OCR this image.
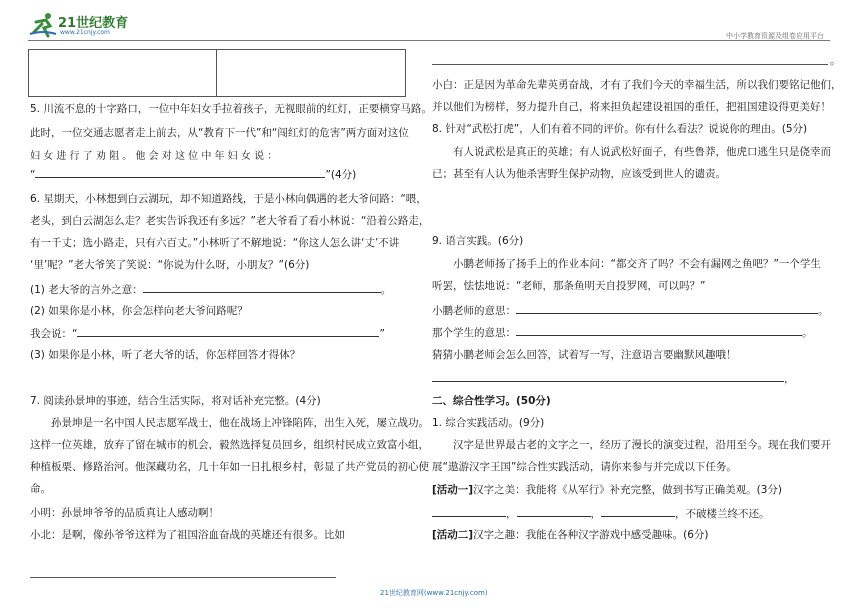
21世纪教育
www.21cnjy.com	中小学教育资源及组卷应用平台
5. 川流不息的十字路口，一位中年妇女手拉着孩子，无视眼前的红灯，正要横穿马路。
此时，一位交通志愿者走上前去，从“教育下一代”和“闯红灯的危害”两方面对这位
妇 女 进 行 了 劝 阻 。 他 会 对 这 位 中 年 妇 女 说 ：
“	”(4分)
6. 星期天，小林想到白云湖玩，却不知道路线，于是小林向偶遇的老大爷问路：“喂，
老头，到白云湖怎么走？老实告诉我还有多远？”老大爷看了看小林说：“沿着公路走，
有一千丈；选小路走，只有六百丈。”小林听了不解地说：“你这人怎么讲‘丈’不讲
‘里’呢？”老大爷笑了笑说：“你说为什么呀，小朋友？”(6分)
(1) 老大爷的言外之意：	。
(2) 如果你是小林，你会怎样向老大爷问路呢？
我会说：“	”
(3) 如果你是小林，听了老大爷的话，你怎样回答才得体？
7. 阅读孙景坤的事迹，结合生活实际，将对话补充完整。(4分)
孙景坤是一名中国人民志愿军战士，他在战场上冲锋陷阵，出生入死，屡立战功。
这样一位英雄，放弃了留在城市的机会，毅然选择复员回乡，组织村民成立致富小组，
种植板栗、修路治河。他深藏功名，几十年如一日扎根乡村，彰显了共产党员的初心使
命。
小明：孙景坤爷爷的品质真让人感动啊！
小北：是啊，像孙爷爷这样为了祖国浴血奋战的英雄还有很多。比如
。
小白：正是因为革命先辈英勇奋战，才有了我们今天的幸福生活，所以我们要铭记他们，
并以他们为榜样，努力提升自己，将来担负起建设祖国的重任，把祖国建设得更美好！
8. 针对“武松打虎”，人们有着不同的评价。你有什么看法？说说你的理由。(5分)
有人说武松是真正的英雄；有人说武松好面子，有些鲁莽，他虎口逃生只是侥幸而
已；甚至有人认为他杀害野生保护动物，应该受到世人的谴责。
9. 语言实践。(6分)
小鹏老师扬了扬手上的作业本问：“都交齐了吗？不会有漏网之鱼吧？”一个学生
听罢，怯怯地说：“老师，那条鱼明天自投罗网，可以吗？”
小鹏老师的意思：	。
那个学生的意思：	。
猜猜小鹏老师会怎么回答，试着写一写，注意语言要幽默风趣哦！
，
二、综合性学习。(50分)
1. 综合实践活动。(9分)
汉字是世界最古老的文字之一，经历了漫长的演变过程，沿用至今。现在我们要开
展“遨游汉字王国”综合性实践活动，请你来参与并完成以下任务。
[活动一]汉字之美：我能将《从军行》补充完整，做到书写正确美观。(3分)
，	，	，不破楼兰终不还。
[活动二]汉字之趣：我能在各种汉字游戏中感受趣味。(6分)
21世纪教育网(www.21cnjy.com)
